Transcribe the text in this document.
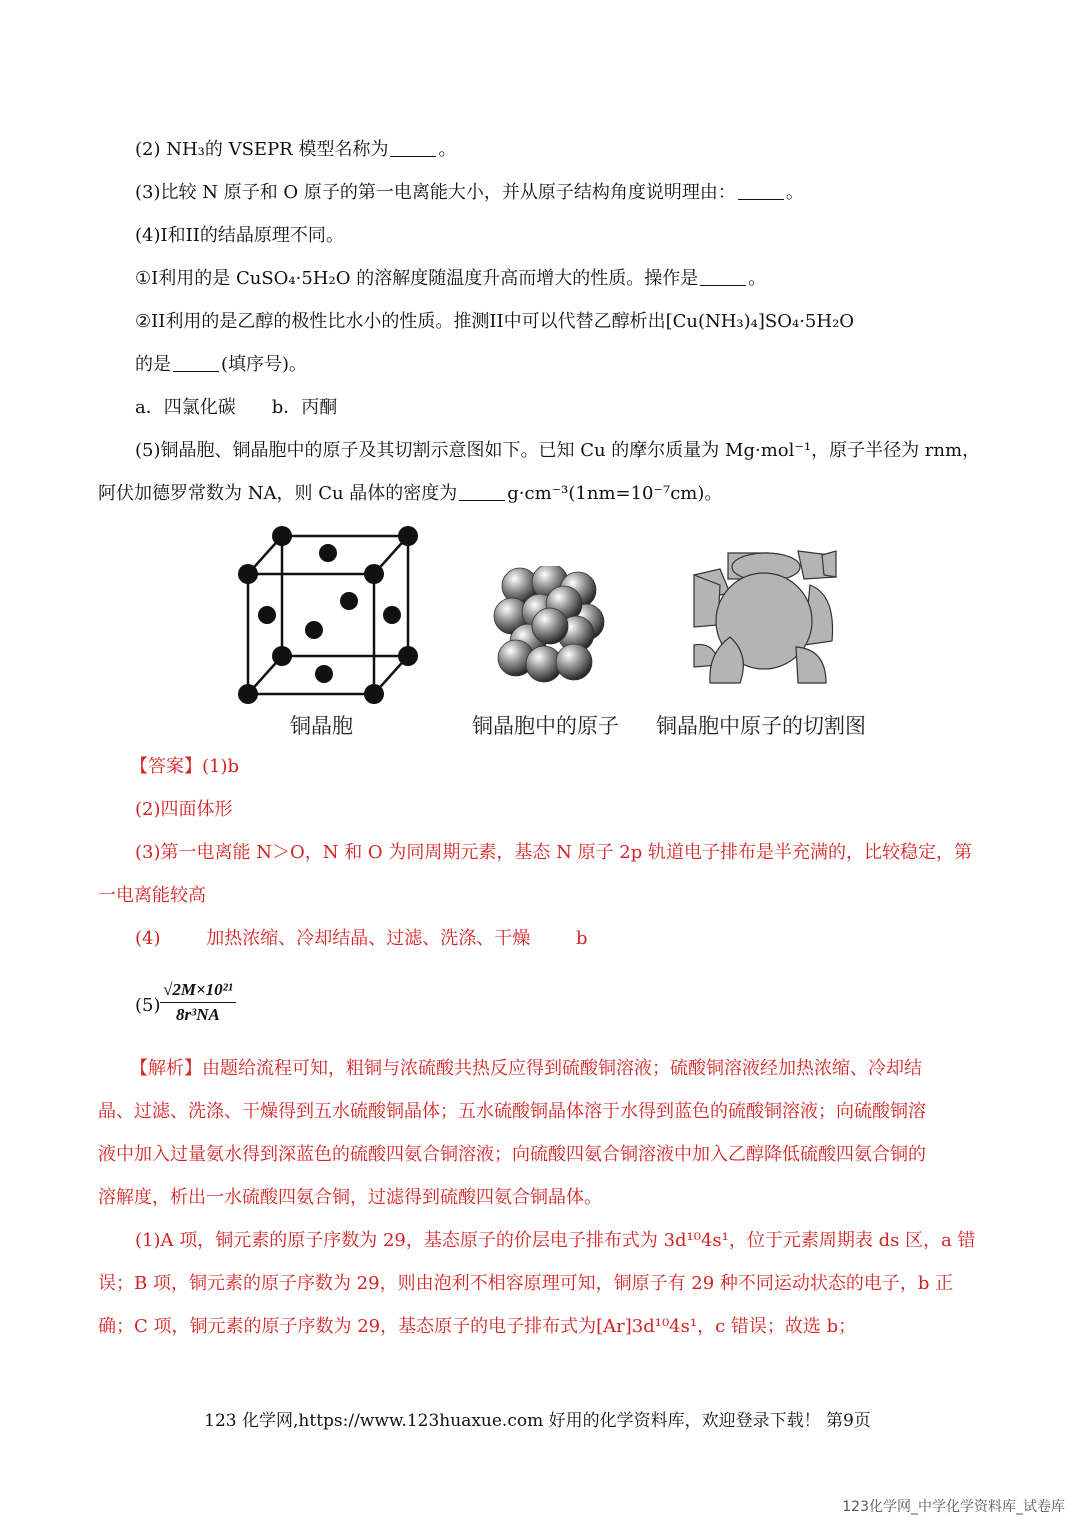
(2) NH₃的 VSEPR 模型名称为	。
(3)比较 N 原子和 O 原子的第一电离能大小，并从原子结构角度说明理由：	。
(4)I和II的结晶原理不同。
①I利用的是 CuSO₄·5H₂O 的溶解度随温度升高而增大的性质。操作是	。
②II利用的是乙醇的极性比水小的性质。推测II中可以代替乙醇析出[Cu(NH₃)₄]SO₄·5H₂O
的是	(填序号)。
a．四氯化碳　　b．丙酮
(5)铜晶胞、铜晶胞中的原子及其切割示意图如下。已知 Cu 的摩尔质量为 Mg·mol⁻¹，原子半径为 rnm，
阿伏加德罗常数为 NA，则 Cu 晶体的密度为	g·cm⁻³(1nm=10⁻⁷cm)。
铜晶胞	铜晶胞中的原子 铜晶胞中原子的切割图
【答案】(1)b
(2)四面体形
(3)第一电离能 N＞O，N 和 O 为同周期元素，基态 N 原子 2p 轨道电子排布是半充满的，比较稳定，第
一电离能较高
(4)	加热浓缩、冷却结晶、过滤、洗涤、干燥	b
$(5) \frac{\text{√2M×10²¹}}{\text{8r³NA}}$
【解析】由题给流程可知，粗铜与浓硫酸共热反应得到硫酸铜溶液；硫酸铜溶液经加热浓缩、冷却结
晶、过滤、洗涤、干燥得到五水硫酸铜晶体；五水硫酸铜晶体溶于水得到蓝色的硫酸铜溶液；向硫酸铜溶
液中加入过量氨水得到深蓝色的硫酸四氨合铜溶液；向硫酸四氨合铜溶液中加入乙醇降低硫酸四氨合铜的
溶解度，析出一水硫酸四氨合铜，过滤得到硫酸四氨合铜晶体。
(1)A 项，铜元素的原子序数为 29，基态原子的价层电子排布式为 3d¹⁰4s¹，位于元素周期表 ds 区，a 错
误；B 项，铜元素的原子序数为 29，则由泡利不相容原理可知，铜原子有 29 种不同运动状态的电子，b 正
确；C 项，铜元素的原子序数为 29，基态原子的电子排布式为[Ar]3d¹⁰4s¹，c 错误；故选 b；
123 化学网,https://www.123huaxue.com 好用的化学资料库，欢迎登录下载！ 第9页
123化学网_中学化学资料库_试卷库
